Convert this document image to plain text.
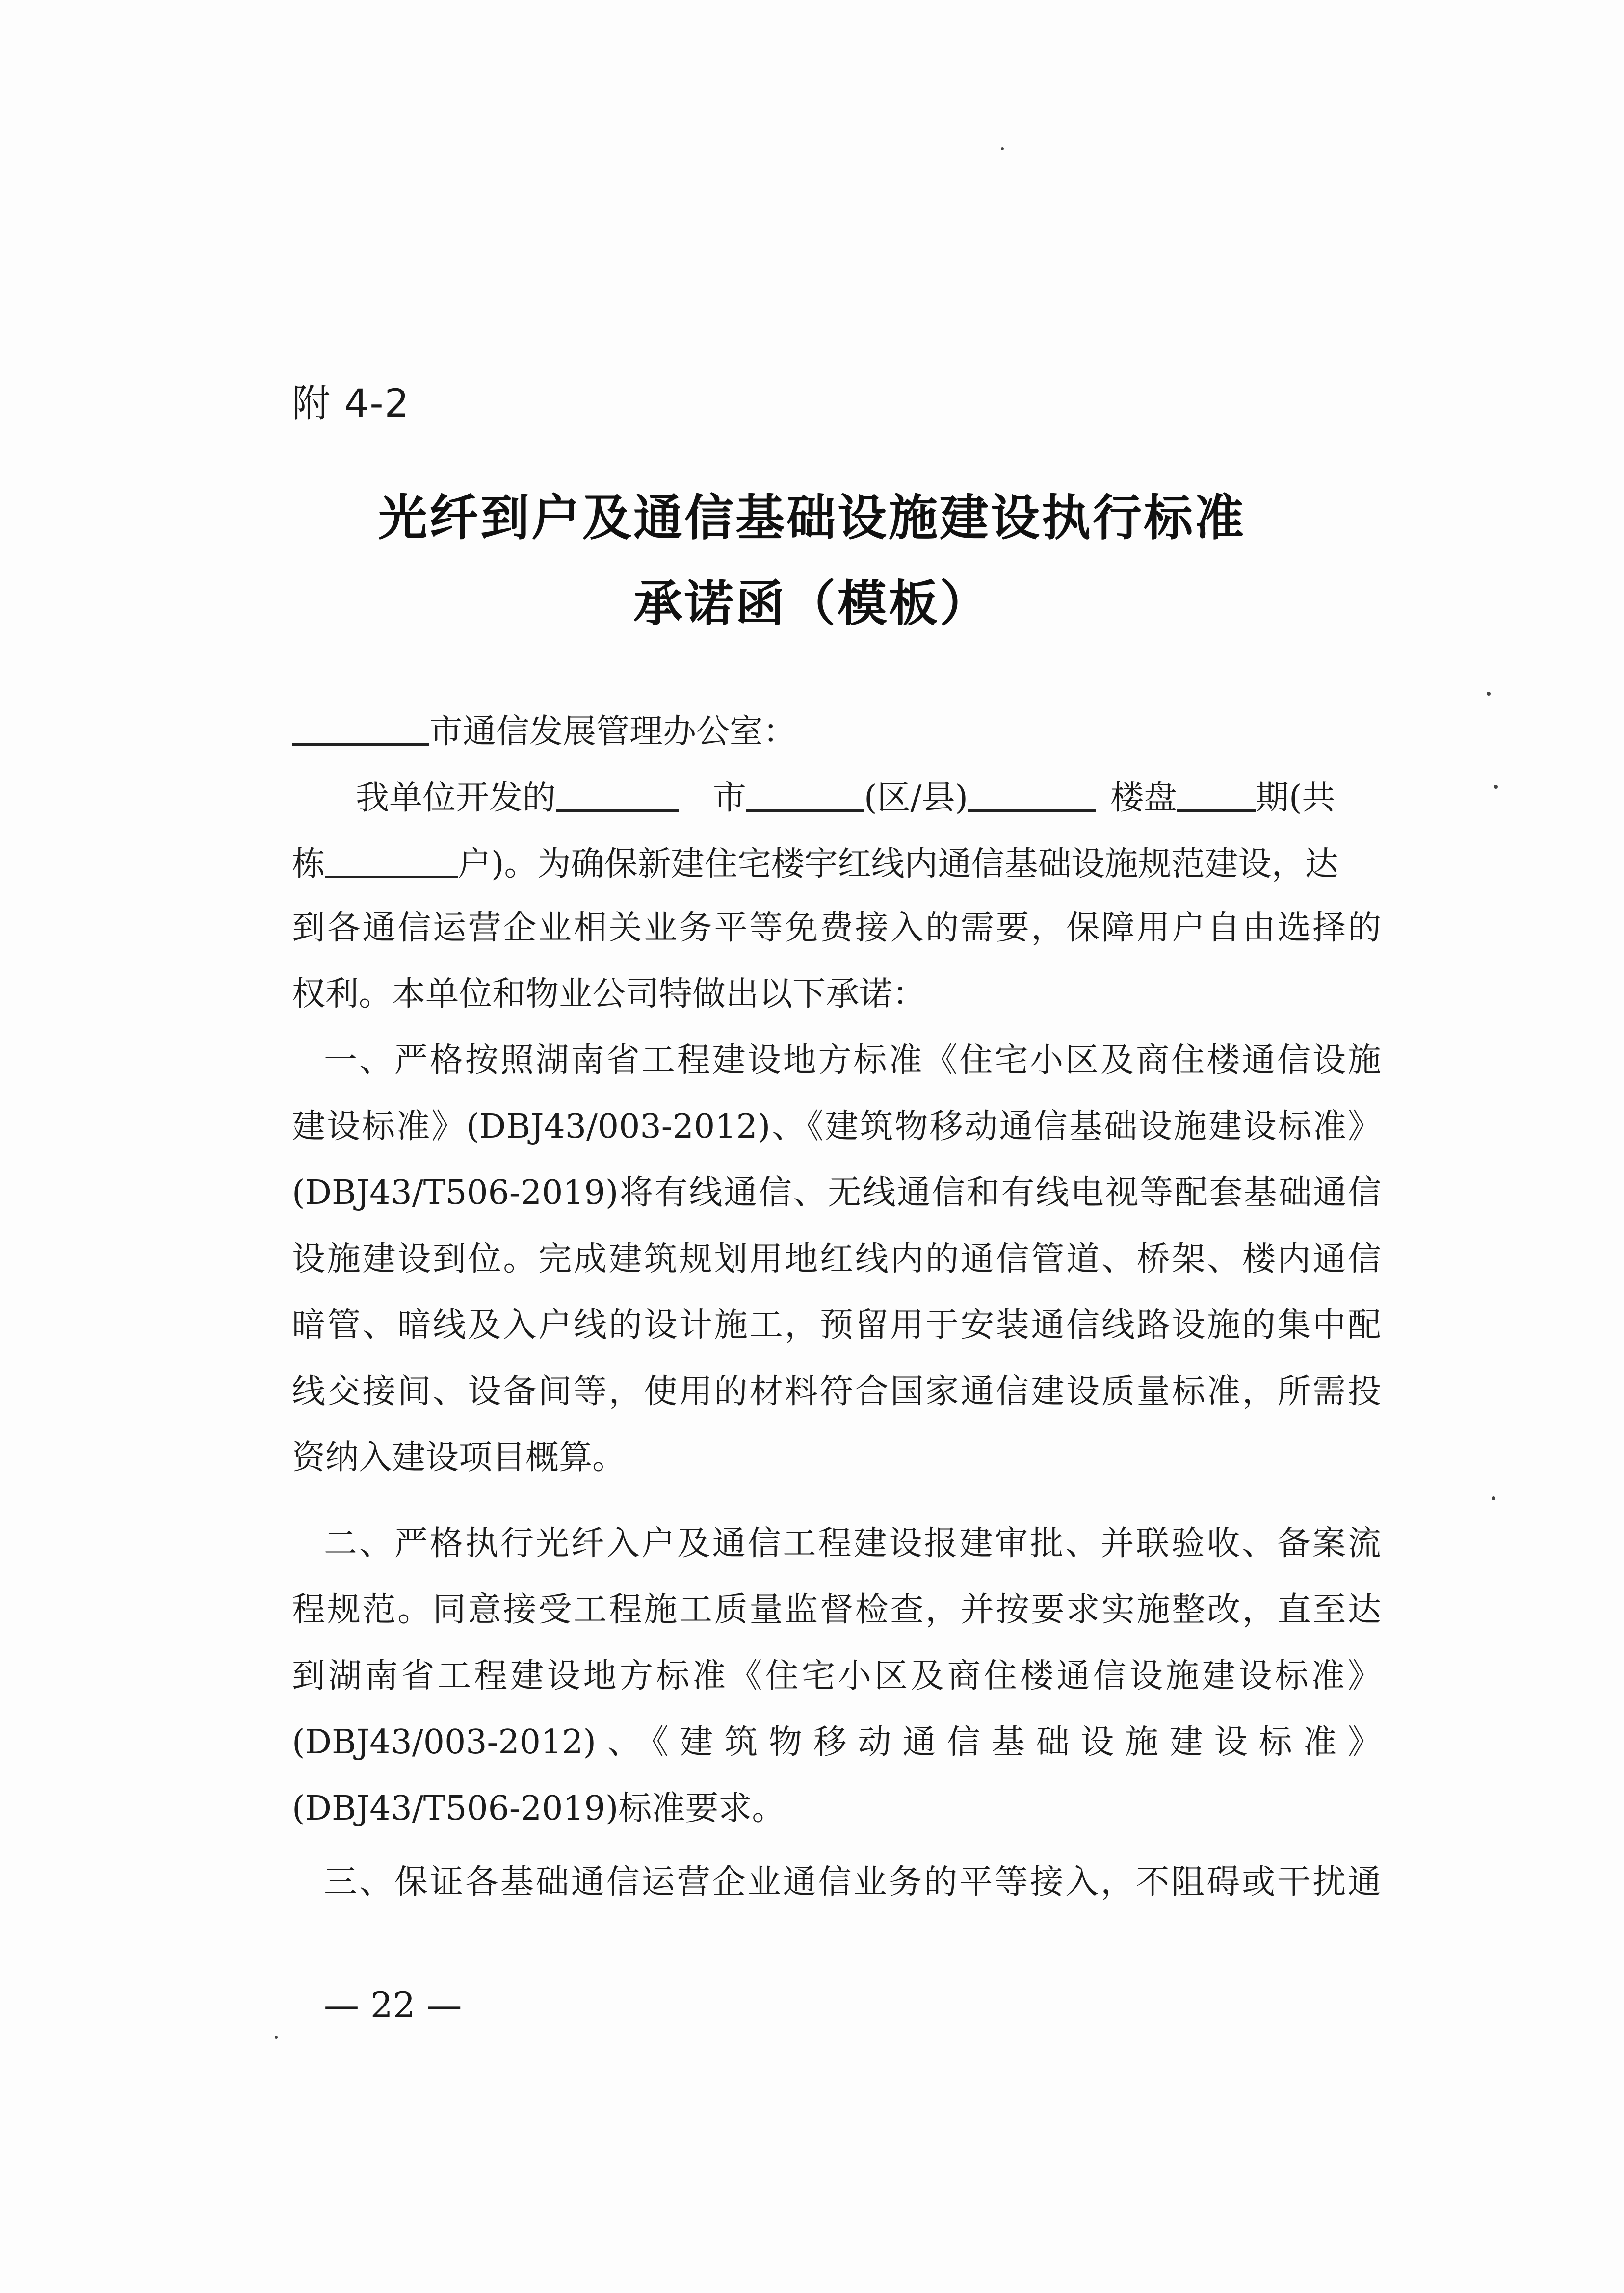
附 4-2
光纤到户及通信基础设施建设执行标准
承诺函（模板）
市通信发展管理办公室：
我单位开发的	市	(区/县)	楼盘 期(共
栋	户)。为确保新建住宅楼宇红线内通信基础设施规范建设，达
到各通信运营企业相关业务平等免费接入的需要，保障用户自由选择的
权利。本单位和物业公司特做出以下承诺：
一、严格按照湖南省工程建设地方标准《住宅小区及商住楼通信设施
建设标准》(DBJ43/003-2012)、《建筑物移动通信基础设施建设标准》
(DBJ43/T506-2019)将有线通信、无线通信和有线电视等配套基础通信
设施建设到位。完成建筑规划用地红线内的通信管道、桥架、楼内通信
暗管、暗线及入户线的设计施工，预留用于安装通信线路设施的集中配
线交接间、设备间等，使用的材料符合国家通信建设质量标准，所需投
资纳入建设项目概算。
二、严格执行光纤入户及通信工程建设报建审批、并联验收、备案流
程规范。同意接受工程施工质量监督检查，并按要求实施整改，直至达
到湖南省工程建设地方标准《住宅小区及商住楼通信设施建设标准》
(DBJ43/003-2012)、《建筑物移动通信基础设施建设标准》
(DBJ43/T506-2019)标准要求。
三、保证各基础通信运营企业通信业务的平等接入，不阻碍或干扰通
— 22 —
